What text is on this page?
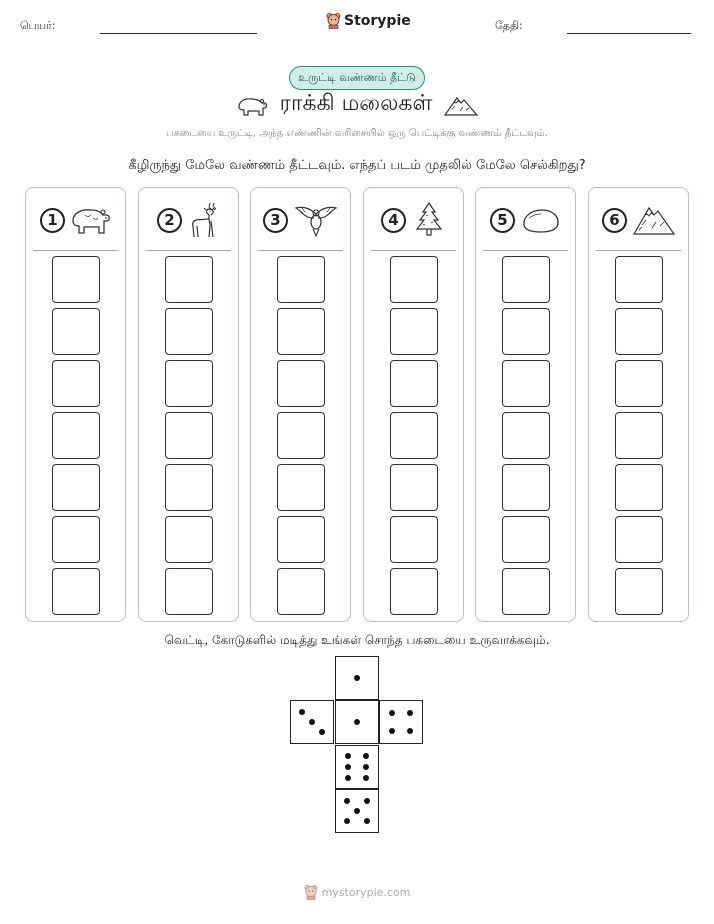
பெயர்:	Storypie	தேதி:
உருட்டி வண்ணம் தீட்டு
ராக்கி மலைகள்
பகடையை உருட்டி, அந்த எண்ணின் வரிசையில் ஒரு பெட்டிக்கு வண்ணம் தீட்டவும்.
கீழிருந்து மேலே வண்ணம் தீட்டவும். எந்தப் படம் முதலில் மேலே செல்கிறது?
1	2	3	4	5	6
வெட்டி, கோடுகளில் மடித்து உங்கள் சொந்த பகடையை உருவாக்கவும்.
mystorypie.com
